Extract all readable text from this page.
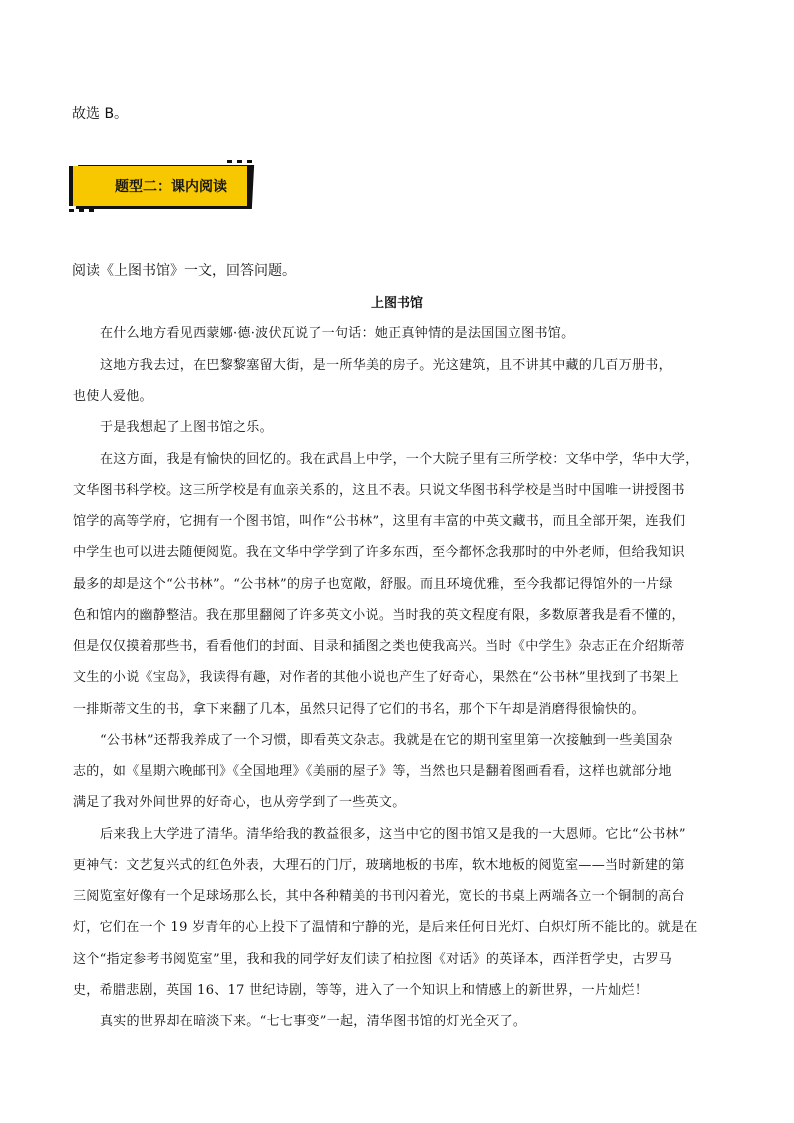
故选 B。
题型二：课内阅读
阅读《上图书馆》一文，回答问题。
上图书馆
在什么地方看见西蒙娜·德·波伏瓦说了一句话：她正真钟情的是法国国立图书馆。
这地方我去过，在巴黎黎塞留大街，是一所华美的房子。光这建筑，且不讲其中藏的几百万册书，
也使人爱他。
于是我想起了上图书馆之乐。
在这方面，我是有愉快的回忆的。我在武昌上中学，一个大院子里有三所学校：文华中学，华中大学，
文华图书科学校。这三所学校是有血亲关系的，这且不表。只说文华图书科学校是当时中国唯一讲授图书
馆学的高等学府，它拥有一个图书馆，叫作“公书林”，这里有丰富的中英文藏书，而且全部开架，连我们
中学生也可以进去随便阅览。我在文华中学学到了许多东西，至今都怀念我那时的中外老师，但给我知识
最多的却是这个“公书林”。“公书林”的房子也宽敞，舒服。而且环境优雅，至今我都记得馆外的一片绿
色和馆内的幽静整洁。我在那里翻阅了许多英文小说。当时我的英文程度有限，多数原著我是看不懂的，
但是仅仅摸着那些书，看看他们的封面、目录和插图之类也使我高兴。当时《中学生》杂志正在介绍斯蒂
文生的小说《宝岛》，我读得有趣，对作者的其他小说也产生了好奇心，果然在“公书林”里找到了书架上
一排斯蒂文生的书，拿下来翻了几本，虽然只记得了它们的书名，那个下午却是消磨得很愉快的。
“公书林”还帮我养成了一个习惯，即看英文杂志。我就是在它的期刊室里第一次接触到一些美国杂
志的，如《星期六晚邮刊》《全国地理》《美丽的屋子》等，当然也只是翻着图画看看，这样也就部分地
满足了我对外间世界的好奇心，也从旁学到了一些英文。
后来我上大学进了清华。清华给我的教益很多，这当中它的图书馆又是我的一大恩师。它比“公书林”
更神气：文艺复兴式的红色外表，大理石的门厅，玻璃地板的书库，软木地板的阅览室——当时新建的第
三阅览室好像有一个足球场那么长，其中各种精美的书刊闪着光，宽长的书桌上两端各立一个铜制的高台
灯，它们在一个 19 岁青年的心上投下了温情和宁静的光，是后来任何日光灯、白炽灯所不能比的。就是在
这个“指定参考书阅览室”里，我和我的同学好友们读了柏拉图《对话》的英译本，西洋哲学史，古罗马
史，希腊悲剧，英国 16、17 世纪诗剧，等等，进入了一个知识上和情感上的新世界，一片灿烂！
真实的世界却在暗淡下来。“七七事变”一起，清华图书馆的灯光全灭了。
